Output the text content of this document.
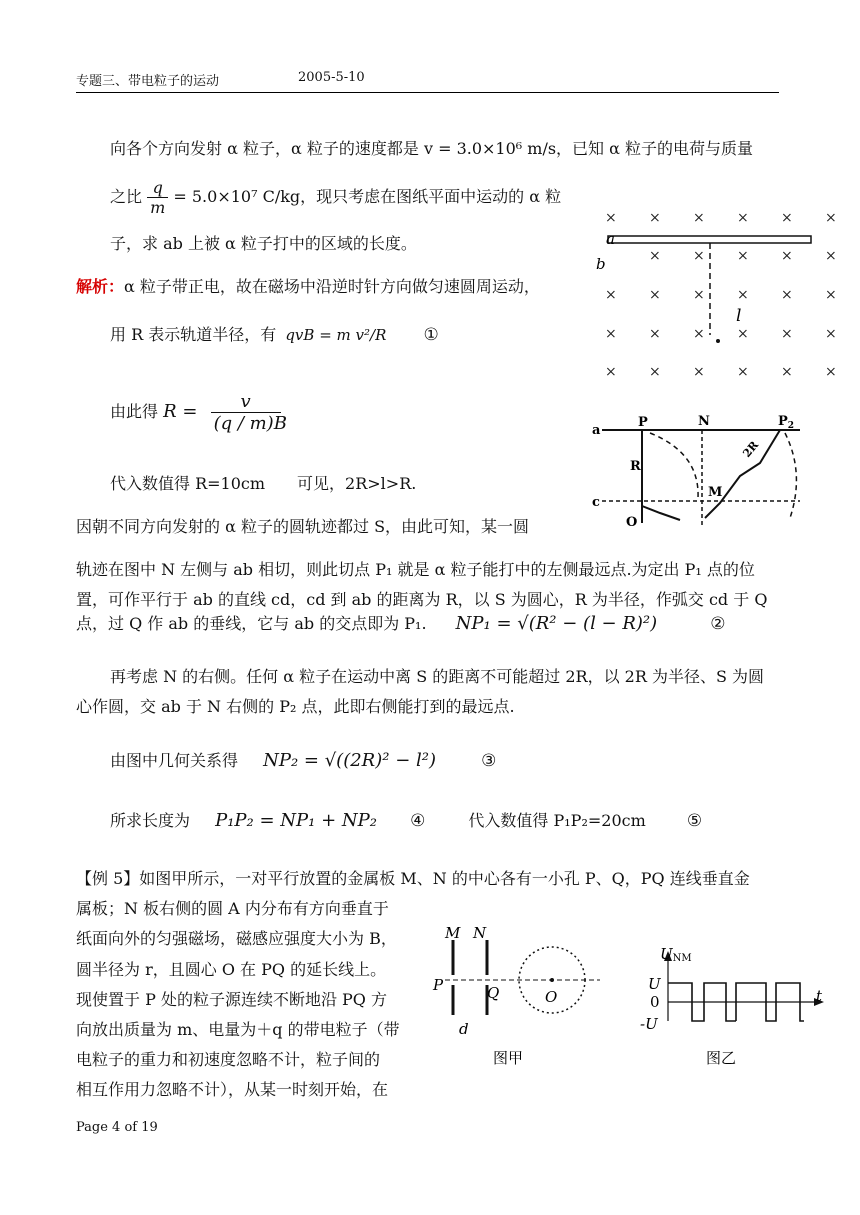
专题三、带电粒子的运动	2005-5-10
向各个方向发射 α 粒子，α 粒子的速度都是 v = 3.0×10⁶ m/s，已知 α 粒子的电荷与质量
之比 $\frac{q}{m} = 5.0\times 10^7$ C/kg，现只考虑在图纸平面中运动的 α 粒
子，求 ab 上被 α 粒子打中的区域的长度。
解析：α 粒子带正电，故在磁场中沿逆时针方向做匀速圆周运动，
用 R 表示轨道半径，有 qvB = m v²/R ①
由此得 $R = \frac{v}{(q / m)B}$
代入数值得 R=10cm　　可见，2R>l>R.
因朝不同方向发射的 α 粒子的圆轨迹都过 S，由此可知，某一圆
轨迹在图中 N 左侧与 ab 相切，则此切点 P₁ 就是 α 粒子能打中的左侧最远点.为定出 P₁ 点的位
置，可作平行于 ab 的直线 cd，cd 到 ab 的距离为 R，以 S 为圆心，R 为半径，作弧交 cd 于 Q
点，过 Q 作 ab 的垂线，它与 ab 的交点即为 P₁. NP₁ = √(R² − (l − R)²)	②
再考虑 N 的右侧。任何 α 粒子在运动中离 S 的距离不可能超过 2R，以 2R 为半径、S 为圆
心作圆，交 ab 于 N 右侧的 P₂ 点，此即右侧能打到的最远点.
由图中几何关系得 NP₂ = √((2R)² − l²)	③
所求长度为 P₁P₂ = NP₁ + NP₂ ④	代入数值得 P₁P₂=20cm ⑤
【例 5】如图甲所示，一对平行放置的金属板 M、N 的中心各有一小孔 P、Q，PQ 连线垂直金
属板；N 板右侧的圆 A 内分布有方向垂直于
纸面向外的匀强磁场，磁感应强度大小为 B，
圆半径为 r，且圆心 O 在 PQ 的延长线上。
现使置于 P 处的粒子源连续不断地沿 PQ 方
向放出质量为 m、电量为＋q 的带电粒子（带
电粒子的重力和初速度忽略不计，粒子间的
相互作用力忽略不计），从某一时刻开始，在
Page 4 of 19
× × × × × ×
× × × × ×
× × × × × ×
× × × × × ×
× × × × × ×
a
b
l
P	N	$P_2$
a
R
M
c
O
2R
M N
P	Q	O
d
图甲
UNM
U
0
-U
t
图乙
